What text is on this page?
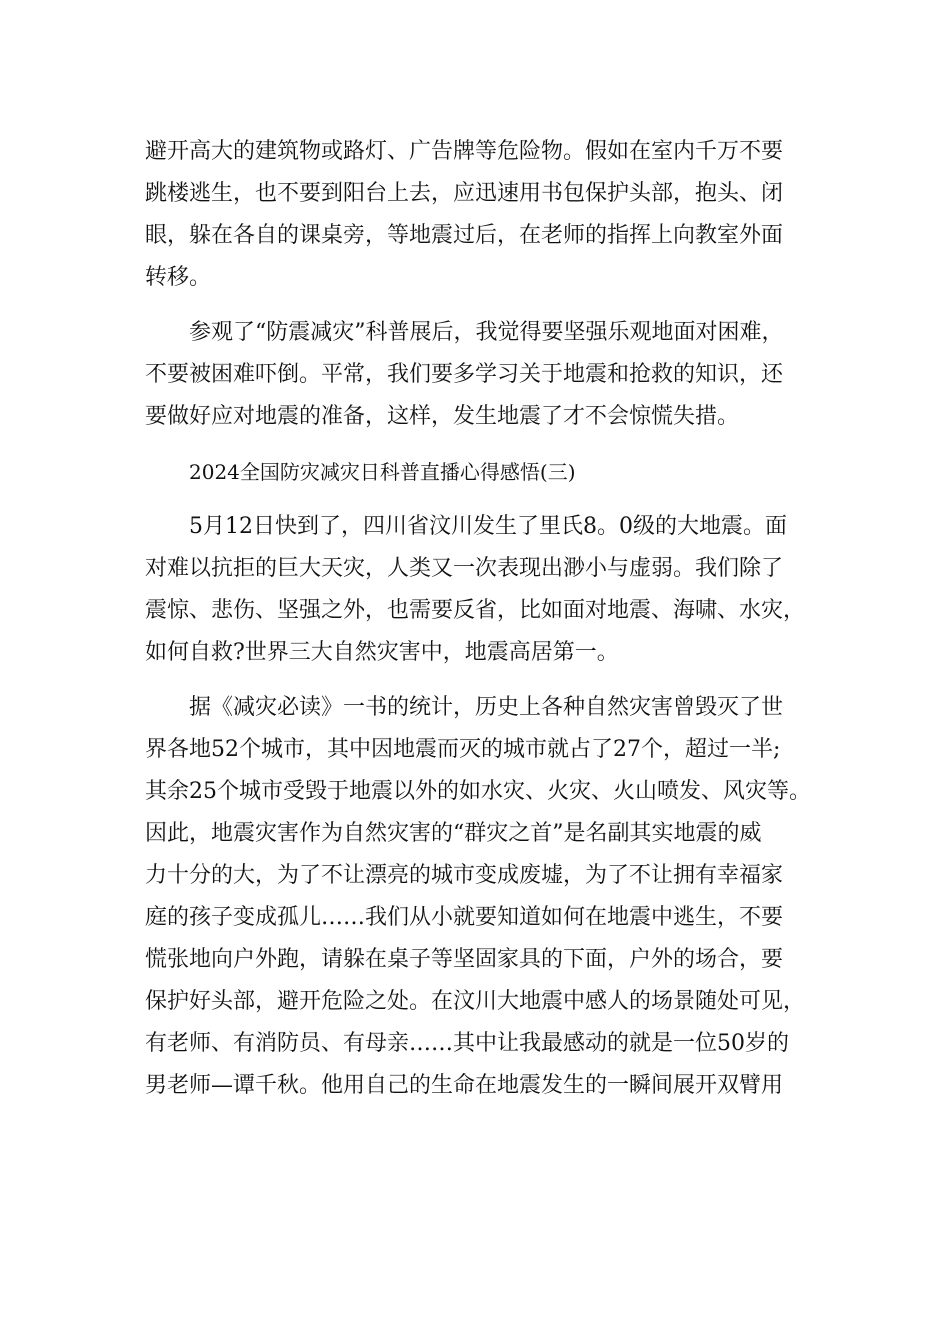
避开高大的建筑物或路灯、广告牌等危险物。假如在室内千万不要
跳楼逃生，也不要到阳台上去，应迅速用书包保护头部，抱头、闭
眼，躲在各自的课桌旁，等地震过后，在老师的指挥上向教室外面
转移。
参观了“防震减灾”科普展后，我觉得要坚强乐观地面对困难，
不要被困难吓倒。平常，我们要多学习关于地震和抢救的知识，还
要做好应对地震的准备，这样，发生地震了才不会惊慌失措。
2024全国防灾减灾日科普直播心得感悟(三)
5月12日快到了，四川省汶川发生了里氏8。0级的大地震。面
对难以抗拒的巨大天灾，人类又一次表现出渺小与虚弱。我们除了
震惊、悲伤、坚强之外，也需要反省，比如面对地震、海啸、水灾，
如何自救?世界三大自然灾害中，地震高居第一。
据《减灾必读》一书的统计，历史上各种自然灾害曾毁灭了世
界各地52个城市，其中因地震而灭的城市就占了27个，超过一半;
其余25个城市受毁于地震以外的如水灾、火灾、火山喷发、风灾等。
因此，地震灾害作为自然灾害的“群灾之首”是名副其实地震的威
力十分的大，为了不让漂亮的城市变成废墟，为了不让拥有幸福家
庭的孩子变成孤儿……我们从小就要知道如何在地震中逃生，不要
慌张地向户外跑，请躲在桌子等坚固家具的下面，户外的场合，要
保护好头部，避开危险之处。在汶川大地震中感人的场景随处可见，
有老师、有消防员、有母亲……其中让我最感动的就是一位50岁的
男老师—谭千秋。他用自己的生命在地震发生的一瞬间展开双臂用
